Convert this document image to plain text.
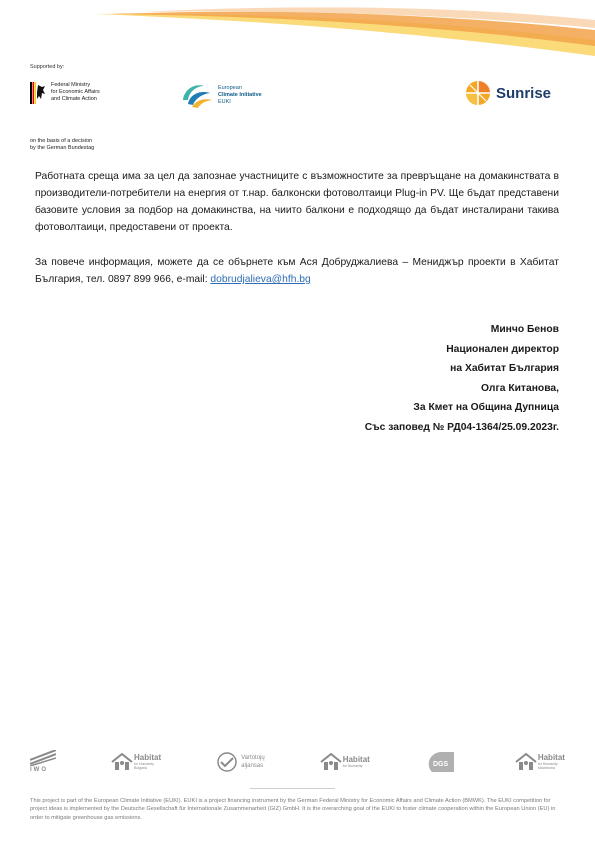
Supported by:
Federal Ministry
for Economic Affairs
and Climate Action
on the basis of a decision
by the German Bundestag
European
Climate Initiative
EUKI	Sunrise
Работната среща има за цел да запознае участниците с възможностите за превръщане на домакинствата в производители-потребители на енергия от т.нар. балконски фотоволтаици Plug-in PV. Ще бъдат представени базовите условия за подбор на домакинства, на чиито балкони е подходящо да бъдат инсталирани такива фотоволтаици, предоставени от проекта.
За повече информация, можете да се обърнете към Ася Добруджалиева – Мениджър проекти в Хабитат България, тел. 0897 899 966, e-mail: dobrudjalieva@hfh.bg
Минчо Бенов
Национален директор
на Хабитат България
Олга Китанова,
За Кмет на Община Дупница
Със заповед № РД04-1364/25.09.2023г.
IWO
Habitat
for Humanity
Bulgaria
Vartotojų
aljansas
Habitat
for Humanity	DGS
Habitat
for Humanity
Macedonia
This project is part of the European Climate Initiative (EUKI). EUKI is a project financing instrument by the German Federal Ministry for Economic Affairs and Climate Action (BMWK). The EUKI competition for project ideas is implemented by the Deutsche Gesellschaft für Internationale Zusammenarbeit (GIZ) GmbH. It is the overarching goal of the EUKI to foster climate cooperation within the European Union (EU) in order to mitigate greenhouse gas emissions.
